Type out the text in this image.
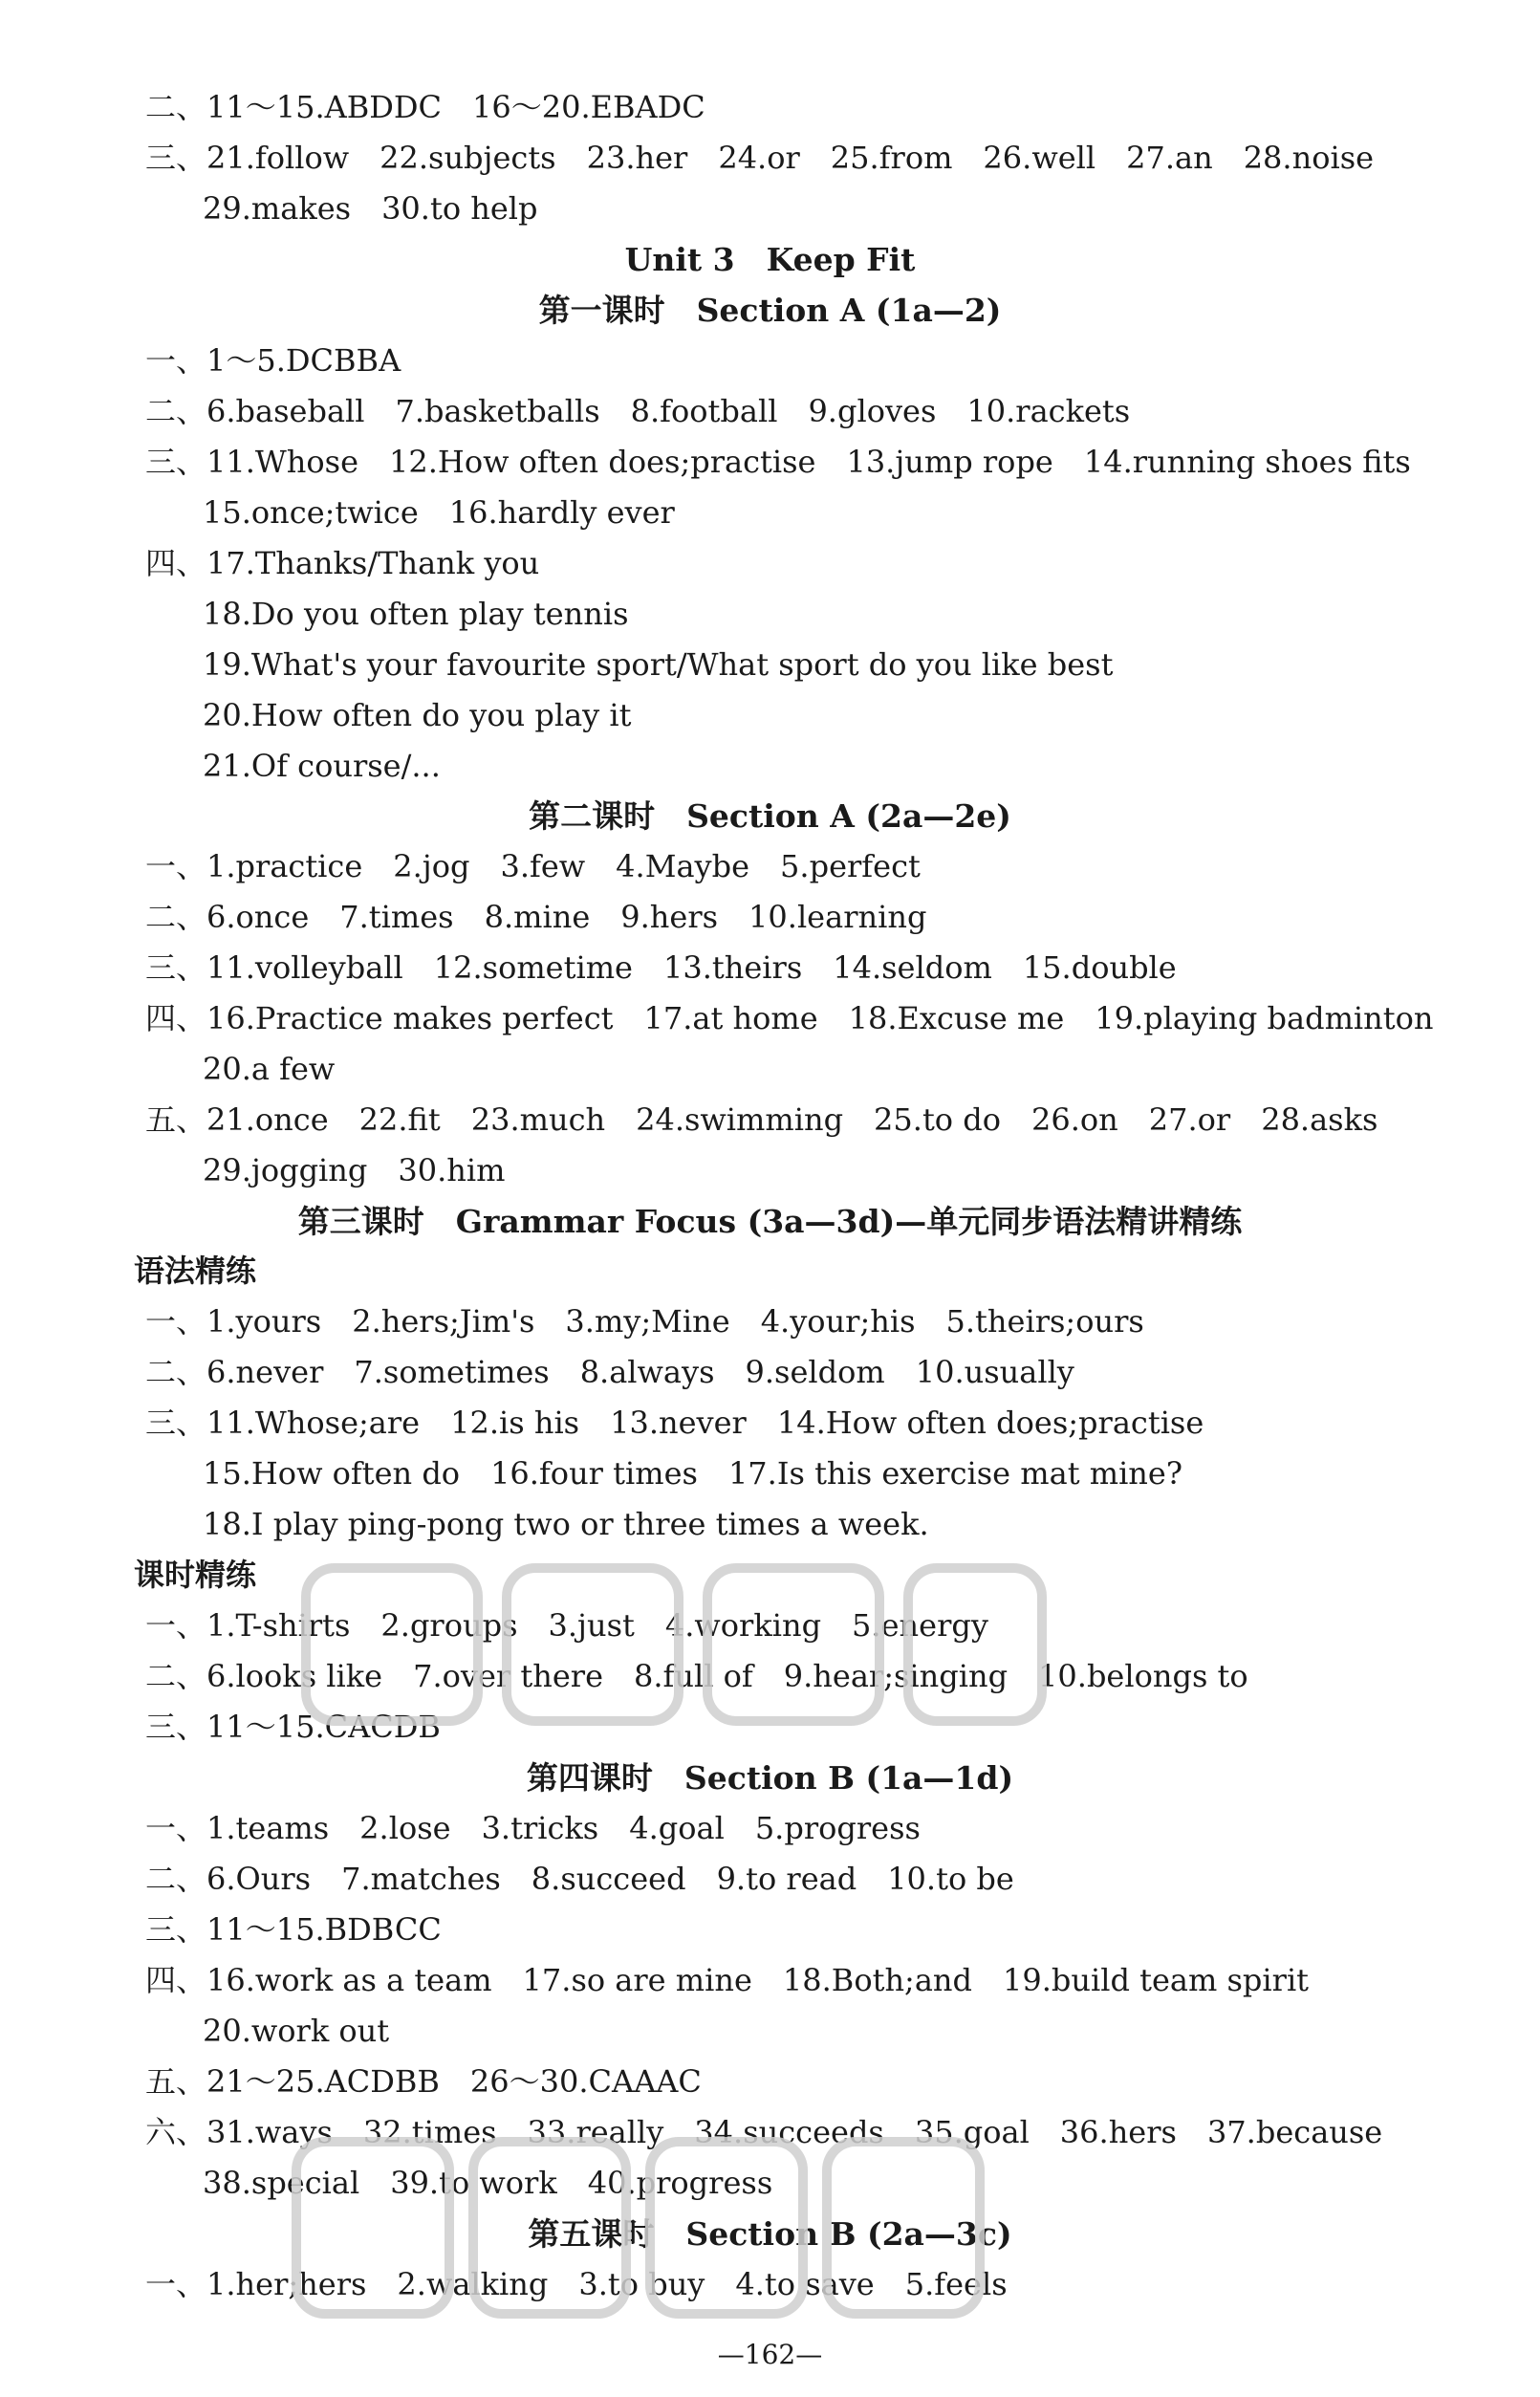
二、11～15.ABDDC　16～20.EBADC
三、21.follow　22.subjects　23.her　24.or　25.from　26.well　27.an　28.noise
29.makes　30.to help
一、1～5.DCBBA
二、6.baseball　7.basketballs　8.football　9.gloves　10.rackets
三、11.Whose　12.How often does;practise　13.jump rope　14.running shoes fits
15.once;twice　16.hardly ever
四、17.Thanks/Thank you
18.Do you often play tennis
19.What's your favourite sport/What sport do you like best
20.How often do you play it
21.Of course/...
一、1.practice　2.jog　3.few　4.Maybe　5.perfect
二、6.once　7.times　8.mine　9.hers　10.learning
三、11.volleyball　12.sometime　13.theirs　14.seldom　15.double
四、16.Practice makes perfect　17.at home　18.Excuse me　19.playing badminton
20.a few
五、21.once　22.fit　23.much　24.swimming　25.to do　26.on　27.or　28.asks
29.jogging　30.him
一、1.yours　2.hers;Jim's　3.my;Mine　4.your;his　5.theirs;ours
二、6.never　7.sometimes　8.always　9.seldom　10.usually
三、11.Whose;are　12.is his　13.never　14.How often does;practise
15.How often do　16.four times　17.Is this exercise mat mine?
18.I play ping-pong two or three times a week.
一、1.T-shirts　2.groups　3.just　4.working　5.energy
二、6.looks like　7.over there　8.full of　9.hear;singing　10.belongs to
三、11～15.CACDB
一、1.teams　2.lose　3.tricks　4.goal　5.progress
二、6.Ours　7.matches　8.succeed　9.to read　10.to be
三、11～15.BDBCC
四、16.work as a team　17.so are mine　18.Both;and　19.build team spirit
20.work out
五、21～25.ACDBB　26～30.CAAAC
六、31.ways　32.times　33.really　34.succeeds　35.goal　36.hers　37.because
38.special　39.to work　40.progress
一、1.her;hers　2.walking　3.to buy　4.to save　5.feels
Unit 3　Keep Fit
第一课时　Section A (1a—2)
第二课时　Section A (2a—2e)
第三课时　Grammar Focus (3a—3d)—单元同步语法精讲精练
第四课时　Section B (1a—1d)
第五课时　Section B (2a—3c)
语法精练
课时精练
—162—
